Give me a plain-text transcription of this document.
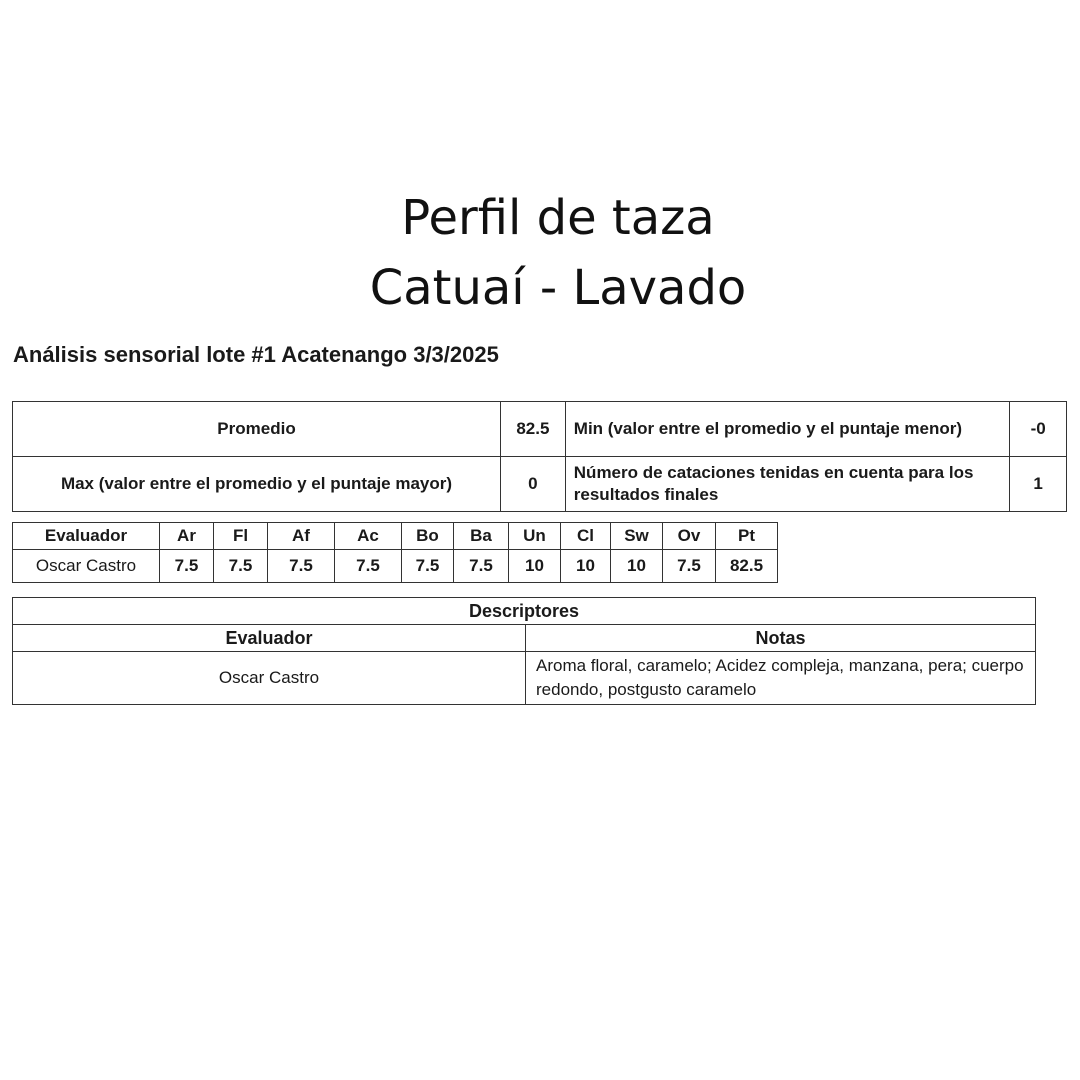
Perfil de taza
Catuaí - Lavado
Análisis sensorial lote #1 Acatenango 3/3/2025
Promedio	82.5	Min (valor entre el promedio y el puntaje menor)	-0
Max (valor entre el promedio y el puntaje mayor)	0	Número de cataciones tenidas en cuenta para los resultados finales	1
Evaluador	Ar	Fl	Af	Ac	Bo	Ba	Un	Cl	Sw	Ov	Pt
Oscar Castro	7.5	7.5	7.5	7.5	7.5	7.5	10	10	10	7.5	82.5
Descriptores	
Evaluador	Notas
Oscar Castro	Aroma floral, caramelo; Acidez compleja, manzana, pera; cuerpo redondo, postgusto caramelo
